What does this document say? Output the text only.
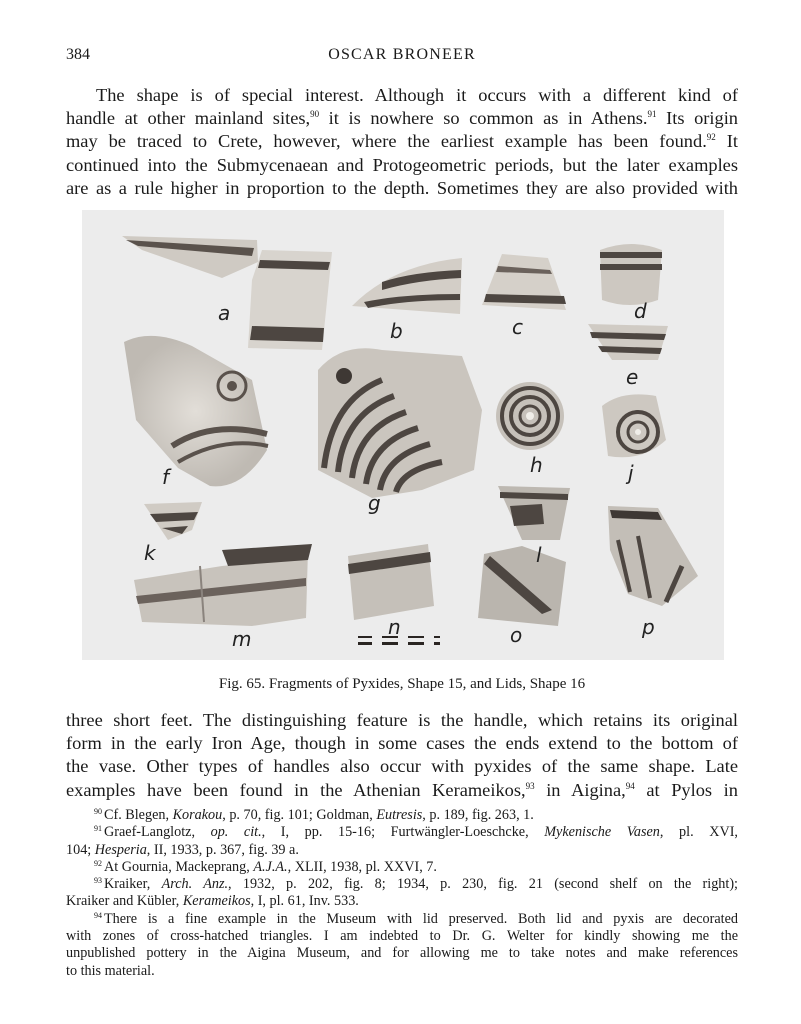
384	OSCAR BRONEER
The shape is of special interest. Although it occurs with a different kind of
handle at other mainland sites,$^{90}$ it is nowhere so common as in Athens.$^{91}$ Its origin
may be traced to Crete, however, where the earliest example has been found.$^{92}$ It
continued into the Submycenaean and Protogeometric periods, but the later examples
are as a rule higher in proportion to the depth. Sometimes they are also provided with
a
b	c
d
e
f
g
h	j
k	l
m	n	o	p
Fig. 65. Fragments of Pyxides, Shape 15, and Lids, Shape 16
three short feet. The distinguishing feature is the handle, which retains its original
form in the early Iron Age, though in some cases the ends extend to the bottom of
the vase. Other types of handles also occur with pyxides of the same shape. Late
examples have been found in the Athenian Kerameikos,$^{93}$ in Aigina,$^{94}$ at Pylos in
$^{90}$ Cf. Blegen, Korakou, p. 70, fig. 101; Goldman, Eutresis, p. 189, fig. 263, 1.
$^{91}$ Graef-Langlotz, op. cit., I, pp. 15-16; Furtwängler-Loeschcke, Mykenische Vasen, pl. XVI,
104; Hesperia, II, 1933, p. 367, fig. 39 a.
$^{92}$ At Gournia, Mackeprang, A.J.A., XLII, 1938, pl. XXVI, 7.
$^{93}$ Kraiker, Arch. Anz., 1932, p. 202, fig. 8; 1934, p. 230, fig. 21 (second shelf on the right);
Kraiker and Kübler, Kerameikos, I, pl. 61, Inv. 533.
$^{94}$ There is a fine example in the Museum with lid preserved. Both lid and pyxis are decorated
with zones of cross-hatched triangles. I am indebted to Dr. G. Welter for kindly showing me the
unpublished pottery in the Aigina Museum, and for allowing me to take notes and make references
to this material.
